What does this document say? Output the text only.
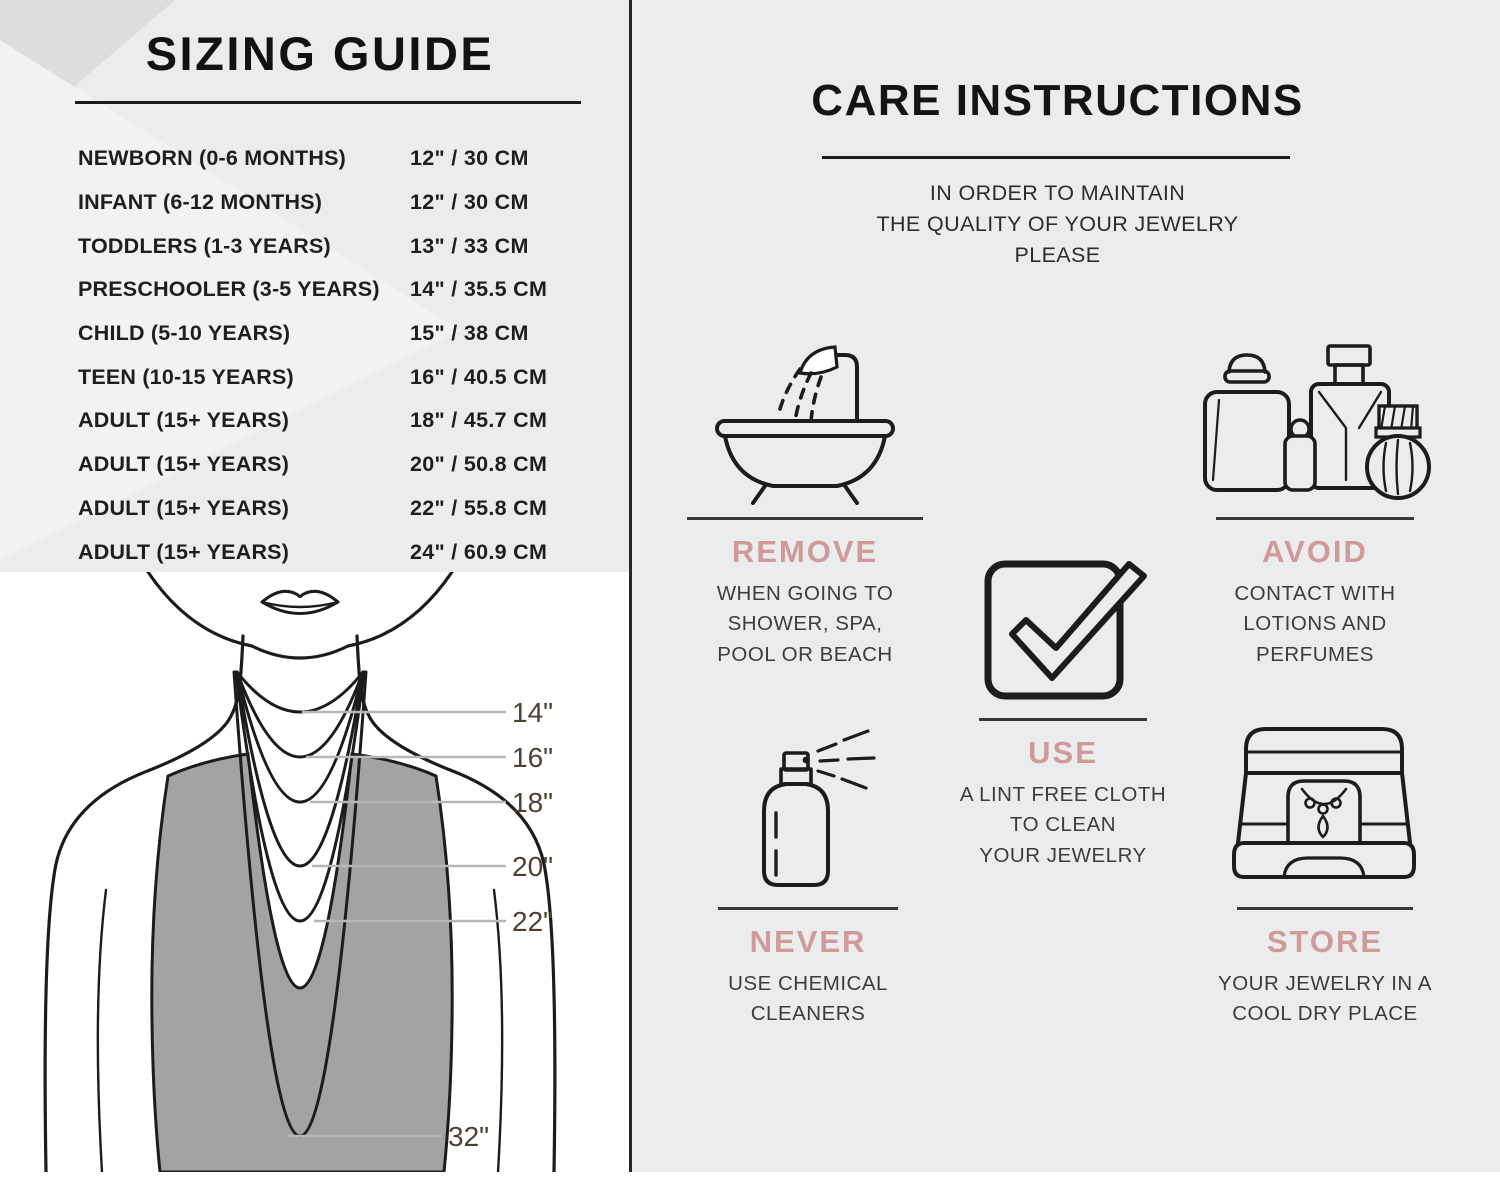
SIZING GUIDE
NEWBORN (0-6 MONTHS)	12" / 30 CM
INFANT (6-12 MONTHS)	12" / 30 CM
TODDLERS (1-3 YEARS)	13" / 33 CM
PRESCHOOLER (3-5 YEARS)	14" / 35.5 CM
CHILD (5-10 YEARS)	15" / 38 CM
TEEN (10-15 YEARS)	16" / 40.5 CM
ADULT (15+ YEARS)	18" / 45.7 CM
ADULT (15+ YEARS)	20" / 50.8 CM
ADULT (15+ YEARS)	22" / 55.8 CM
ADULT (15+ YEARS)	24" / 60.9 CM
14"
16"
18"
20"
22"
32"
CARE INSTRUCTIONS
IN ORDER TO MAINTAIN
THE QUALITY OF YOUR JEWELRY
PLEASE
REMOVE
WHEN GOING TO
SHOWER, SPA,
POOL OR BEACH
AVOID
CONTACT WITH
LOTIONS AND
PERFUMES
USE
A LINT FREE CLOTH
TO CLEAN
YOUR JEWELRY
NEVER
USE CHEMICAL
CLEANERS
STORE
YOUR JEWELRY IN A
COOL DRY PLACE
